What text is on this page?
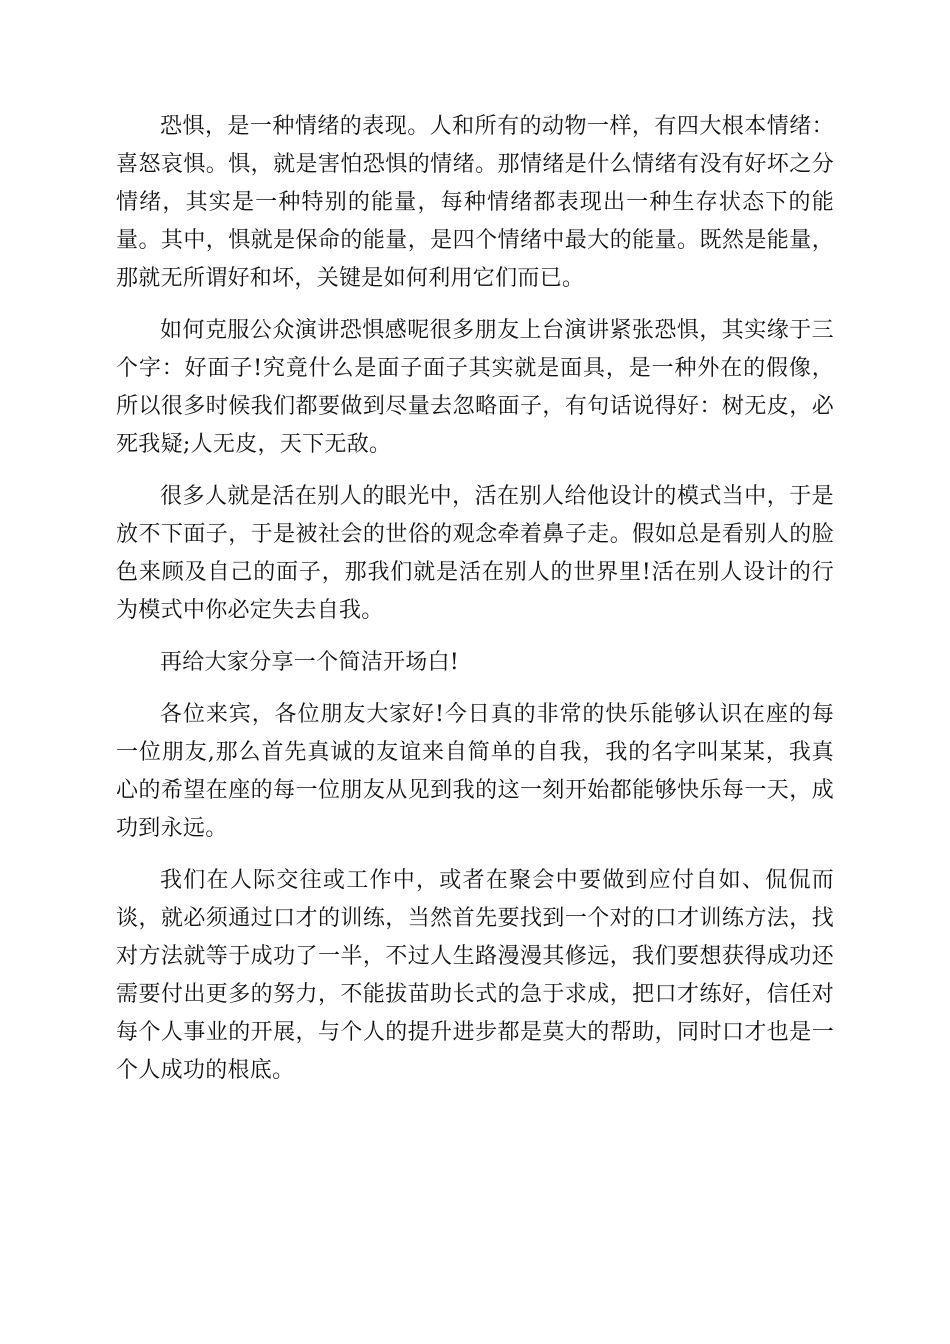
恐惧，是一种情绪的表现。人和所有的动物一样，有四大根本情绪：喜怒哀惧。惧，就是害怕恐惧的情绪。那情绪是什么情绪有没有好坏之分情绪，其实是一种特别的能量，每种情绪都表现出一种生存状态下的能量。其中，惧就是保命的能量，是四个情绪中最大的能量。既然是能量，那就无所谓好和坏，关键是如何利用它们而已。

如何克服公众演讲恐惧感呢很多朋友上台演讲紧张恐惧，其实缘于三个字：好面子!究竟什么是面子面子其实就是面具，是一种外在的假像，所以很多时候我们都要做到尽量去忽略面子，有句话说得好：树无皮，必死我疑;人无皮，天下无敌。

很多人就是活在别人的眼光中，活在别人给他设计的模式当中，于是放不下面子，于是被社会的世俗的观念牵着鼻子走。假如总是看别人的脸色来顾及自己的面子，那我们就是活在别人的世界里!活在别人设计的行为模式中你必定失去自我。

再给大家分享一个简洁开场白!

各位来宾，各位朋友大家好!今日真的非常的快乐能够认识在座的每一位朋友,那么首先真诚的友谊来自简单的自我，我的名字叫某某，我真心的希望在座的每一位朋友从见到我的这一刻开始都能够快乐每一天，成功到永远。

我们在人际交往或工作中，或者在聚会中要做到应付自如、侃侃而谈，就必须通过口才的训练，当然首先要找到一个对的口才训练方法，找对方法就等于成功了一半，不过人生路漫漫其修远，我们要想获得成功还需要付出更多的努力，不能拔苗助长式的急于求成，把口才练好，信任对每个人事业的开展，与个人的提升进步都是莫大的帮助，同时口才也是一个人成功的根底。
